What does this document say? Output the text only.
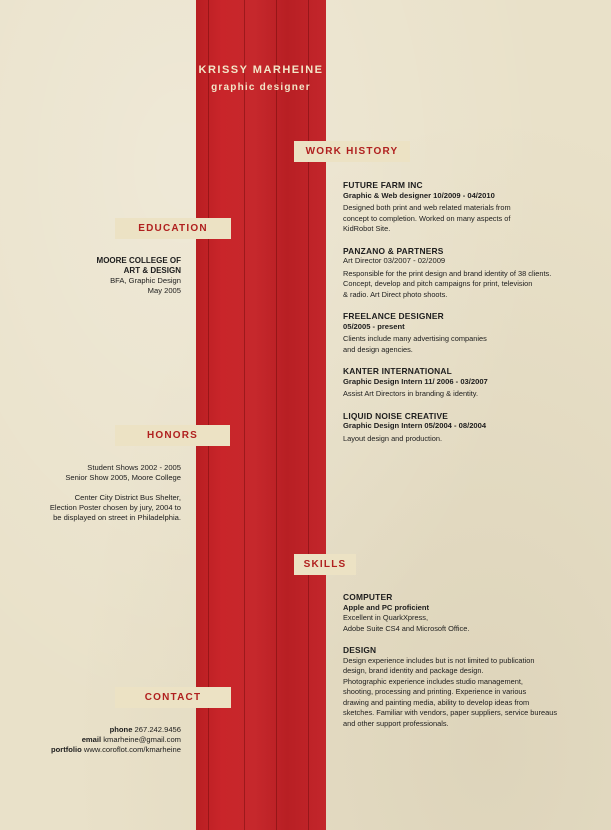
KRISSY MARHEINE
graphic designer
WORK HISTORY
EDUCATION
HONORS
SKILLS
CONTACT
FUTURE FARM INC
Graphic & Web designer 10/2009 - 04/2010
Designed both print and web related materials from
concept to completion. Worked on many aspects of
KidRobot Site.
PANZANO & PARTNERS
Art Director 03/2007 - 02/2009
Responsible for the print design and brand identity of 38 clients.
Concept, develop and pitch campaigns for print, television
& radio. Art Direct photo shoots.
FREELANCE DESIGNER
05/2005 - present
Clients include many advertising companies
and design agencies.
KANTER INTERNATIONAL
Graphic Design Intern 11/ 2006 - 03/2007
Assist Art Directors in branding & identity.
LIQUID NOISE CREATIVE
Graphic Design Intern 05/2004 - 08/2004
Layout design and production.
MOORE COLLEGE OF
ART & DESIGN
BFA, Graphic Design
May 2005
Student Shows 2002 - 2005
Senior Show 2005, Moore College
Center City District Bus Shelter,
Election Poster chosen by jury, 2004 to
be displayed on street in Philadelphia.
COMPUTER
Apple and PC proficient
Excellent in QuarkXpress,
Adobe Suite CS4 and Microsoft Office.
DESIGN
Design experience includes but is not limited to publication
design, brand identity and package design.
Photographic experience includes studio management,
shooting, processing and printing. Experience in various
drawing and painting media, ability to develop ideas from
sketches. Familiar with vendors, paper suppliers, service bureaus
and other support professionals.
phone 267.242.9456
email kmarheine@gmail.com
portfolio www.coroflot.com/kmarheine
